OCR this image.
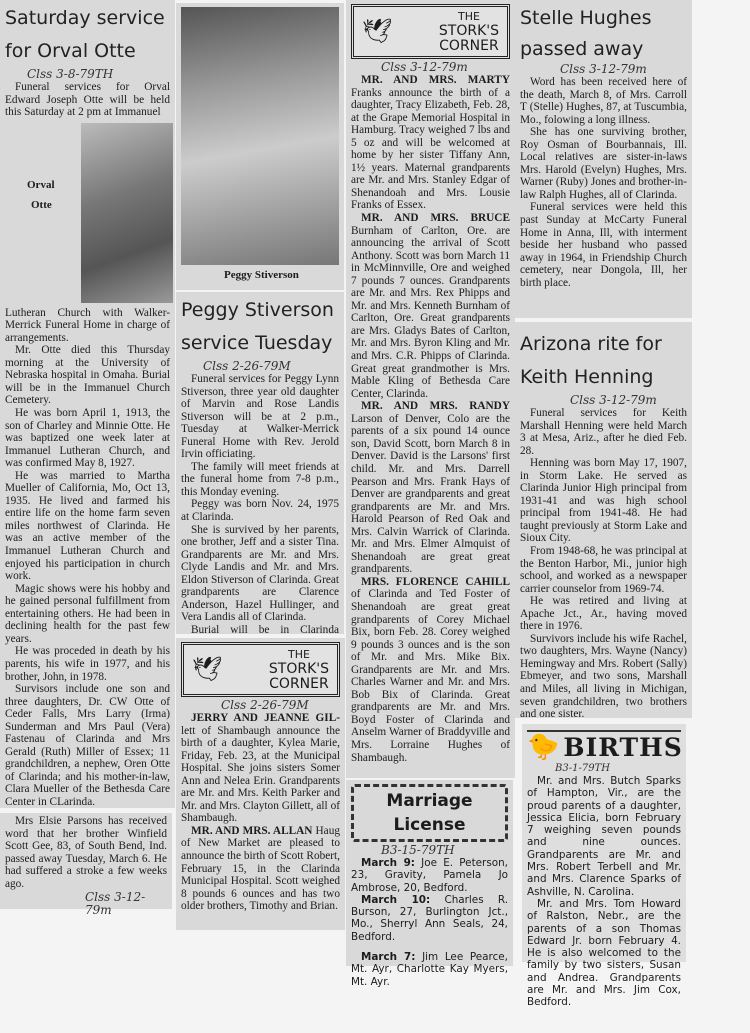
Saturday service
for Orval Otte
Clss 3-8-79TH

Funeral services for Orval Edward Joseph Otte will be held this Saturday at 2 pm at Immanuel

Orval
Otte

Lutheran Church with Walker-Merrick Funeral Home in charge of arrangements.

Mr. Otte died this Thursday morning at the University of Nebraska hospital in Omaha. Burial will be in the Immanuel Church Cemetery.

He was born April 1, 1913, the son of Charley and Minnie Otte. He was baptized one week later at Immanuel Lutheran Church, and was confirmed May 8, 1927.

He was married to Martha Mueller of California, Mo, Oct 13, 1935. He lived and farmed his entire life on the home farm seven miles northwest of Clarinda. He was an active member of the Immanuel Lutheran Church and enjoyed his participation in church work.

Magic shows were his hobby and he gained personal fulfillment from entertaining others. He had been in declining health for the past few years.

He was proceded in death by his parents, his wife in 1977, and his brother, John, in 1978.

Survisors include one son and three daughters, Dr. CW Otte of Ceder Falls, Mrs Larry (Irma) Sunderman and Mrs Paul (Vera) Fastenau of Clarinda and Mrs Gerald (Ruth) Miller of Essex; 11 grandchildren, a nephew, Oren Otte of Clarinda; and his mother-in-law, Clara Mueller of the Bethesda Care Center in CLarinda.

Mrs Elsie Parsons has received word that her brother Winfield Scott Gee, 83, of South Bend, Ind. passed away Tuesday, March 6. He had suffered a stroke a few weeks ago.

Clss 3-12-79m
Peggy Stiverson
Peggy Stiverson
service Tuesday
Clss 2-26-79M

Funeral services for Peggy Lynn Stiverson, three year old daughter of Marvin and Rose Landis Stiverson will be at 2 p.m., Tuesday at Walker-Merrick Funeral Home with Rev. Jerold Irvin officiating.

The family will meet friends at the funeral home from 7-8 p.m., this Monday evening.

Peggy was born Nov. 24, 1975 at Clarinda.

She is survived by her parents, one brother, Jeff and a sister Tina. Grandparents are Mr. and Mrs. Clyde Landis and Mr. and Mrs. Eldon Stiverson of Clarinda. Great grandparents are Clarence Anderson, Hazel Hullinger, and Vera Landis all of Clarinda.

Burial will be in Clarinda

🕊
THE
STORK'S
CORNER
Clss 2-26-79M

JERRY AND JEANNE GIL- lett of Shambaugh announce the birth of a daughter, Kylea Marie, Friday, Feb. 23, at the Municipal Hospital. She joins sisters Somer Ann and Nelea Erin. Grandparents are Mr. and Mrs. Keith Parker and Mr. and Mrs. Clayton Gillett, all of Shambaugh.

MR. AND MRS. ALLAN Haug of New Market are pleased to announce the birth of Scott Robert, February 15, in the Clarinda Municipal Hospital. Scott weighed 8 pounds 6 ounces and has two older brothers, Timothy and Brian.

🕊
THE
STORK'S
CORNER
Clss 3-12-79m

MR. AND MRS. MARTY Franks announce the birth of a daughter, Tracy Elizabeth, Feb. 28, at the Grape Memorial Hospital in Hamburg. Tracy weighed 7 lbs and 5 oz and will be welcomed at home by her sister Tiffany Ann, 1½ years. Maternal grandparents are Mr. and Mrs. Stanley Edgar of Shenandoah and Mrs. Lousie Franks of Essex.

MR. AND MRS. BRUCE Burnham of Carlton, Ore. are announcing the arrival of Scott Anthony. Scott was born March 11 in McMinnville, Ore and weighed 7 pounds 7 ounces. Grandparents are Mr. and Mrs. Rex Phipps and Mr. and Mrs. Kenneth Burnham of Carlton, Ore. Great grandparents are Mrs. Gladys Bates of Carlton, Mr. and Mrs. Byron Kling and Mr. and Mrs. C.R. Phipps of Clarinda. Great great grandmother is Mrs. Mable Kling of Bethesda Care Center, Clarinda.

MR. AND MRS. RANDY Larson of Denver, Colo are the parents of a six pound 14 ounce son, David Scott, born March 8 in Denver. David is the Larsons' first child. Mr. and Mrs. Darrell Pearson and Mrs. Frank Hays of Denver are grandparents and great grandparents are Mr. and Mrs. Harold Pearson of Red Oak and Mrs. Calvin Warrick of Clarinda. Mr. and Mrs. Elmer Almquist of Shenandoah are great great grandparents.

MRS. FLORENCE CAHILL of Clarinda and Ted Foster of Shenandoah are great great grandparents of Corey Michael Bix, born Feb. 28. Corey weighed 9 pounds 3 ounces and is the son of Mr. and Mrs. Mike Bix. Grandparents are Mr. and Mrs. Charles Warner and Mr. and Mrs. Bob Bix of Clarinda. Great grandparents are Mr. and Mrs. Boyd Foster of Clarinda and Anselm Warner of Braddyville and Mrs. Lorraine Hughes of Shambaugh.

Marriage
License
B3-15-79TH

March 9: Joe E. Peterson, 23, Gravity, Pamela Jo Ambrose, 20, Bedford.

March 10: Charles R. Burson, 27, Burlington Jct., Mo., Sherryl Ann Seals, 24, Bedford.

March 7: Jim Lee Pearce, Mt. Ayr, Charlotte Kay Myers, Mt. Ayr.

Stelle Hughes
passed away
Clss 3-12-79m

Word has been received here of the death, March 8, of Mrs. Carroll T (Stelle) Hughes, 87, at Tuscumbia, Mo., folowing a long illness.

She has one surviving brother, Roy Osman of Bourbannais, Ill. Local relatives are sister-in-laws Mrs. Harold (Evelyn) Hughes, Mrs. Warner (Ruby) Jones and brother-in-law Ralph Hughes, all of Clarinda.

Funeral services were held this past Sunday at McCarty Funeral Home in Anna, Ill, with interment beside her husband who passed away in 1964, in Friendship Church cemetery, near Dongola, Ill, her birth place.

Arizona rite for
Keith Henning
Clss 3-12-79m

Funeral services for Keith Marshall Henning were held March 3 at Mesa, Ariz., after he died Feb. 28.

Henning was born May 17, 1907, in Storm Lake. He served as Clarinda Junior High principal from 1931-41 and was high school principal from 1941-48. He had taught previously at Storm Lake and Sioux City.

From 1948-68, he was principal at the Benton Harbor, Mi., junior high school, and worked as a newspaper carrier counselor from 1969-74.

He was retired and living at Apache Jct., Ar., having moved there in 1976.

Survivors include his wife Rachel, two daughters, Mrs. Wayne (Nancy) Hemingway and Mrs. Robert (Sally) Ebmeyer, and two sons, Marshall and Miles, all living in Michigan, seven grandchildren, two brothers and one sister.

🐤 BIRTHS
B3-1-79TH

Mr. and Mrs. Butch Sparks of Hampton, Vir., are the proud parents of a daughter, Jessica Elicia, born February 7 weighing seven pounds and nine ounces. Grandparents are Mr. and Mrs. Robert Terbell and Mr. and Mrs. Clarence Sparks of Ashville, N. Carolina.

Mr. and Mrs. Tom Howard of Ralston, Nebr., are the parents of a son Thomas Edward Jr. born February 4. He is also welcomed to the family by two sisters, Susan and Andrea. Grandparents are Mr. and Mrs. Jim Cox, Bedford.
